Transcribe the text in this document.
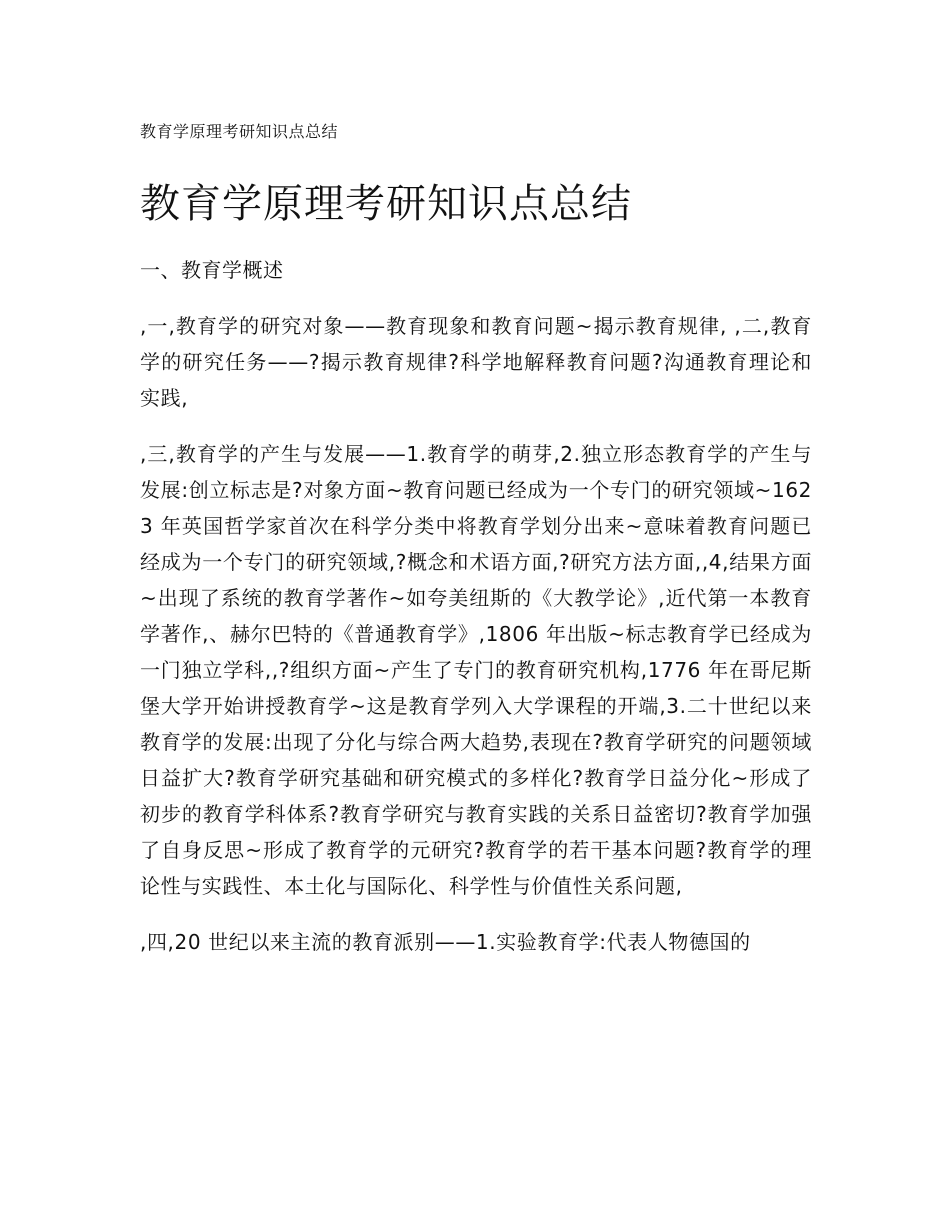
教育学原理考研知识点总结
教育学原理考研知识点总结
一、教育学概述

,一,教育学的研究对象——教育现象和教育问题~揭示教育规律, ,二,教育学的研究任务——?揭示教育规律?科学地解释教育问题?沟通教育理论和实践,

,三,教育学的产生与发展——1.教育学的萌芽,2.独立形态教育学的产生与发展:创立标志是?对象方面~教育问题已经成为一个专门的研究领域~1623 年英国哲学家首次在科学分类中将教育学划分出来~意味着教育问题已经成为一个专门的研究领域,?概念和术语方面,?研究方法方面,,4,结果方面~出现了系统的教育学著作~如夸美纽斯的《大教学论》,近代第一本教育学著作,、赫尔巴特的《普通教育学》,1806 年出版~标志教育学已经成为一门独立学科,,?组织方面~产生了专门的教育研究机构,1776 年在哥尼斯堡大学开始讲授教育学~这是教育学列入大学课程的开端,3.二十世纪以来教育学的发展:出现了分化与综合两大趋势,表现在?教育学研究的问题领域日益扩大?教育学研究基础和研究模式的多样化?教育学日益分化~形成了初步的教育学科体系?教育学研究与教育实践的关系日益密切?教育学加强了自身反思~形成了教育学的元研究?教育学的若干基本问题?教育学的理论性与实践性、本土化与国际化、科学性与价值性关系问题,

,四,20 世纪以来主流的教育派别——1.实验教育学:代表人物德国的
